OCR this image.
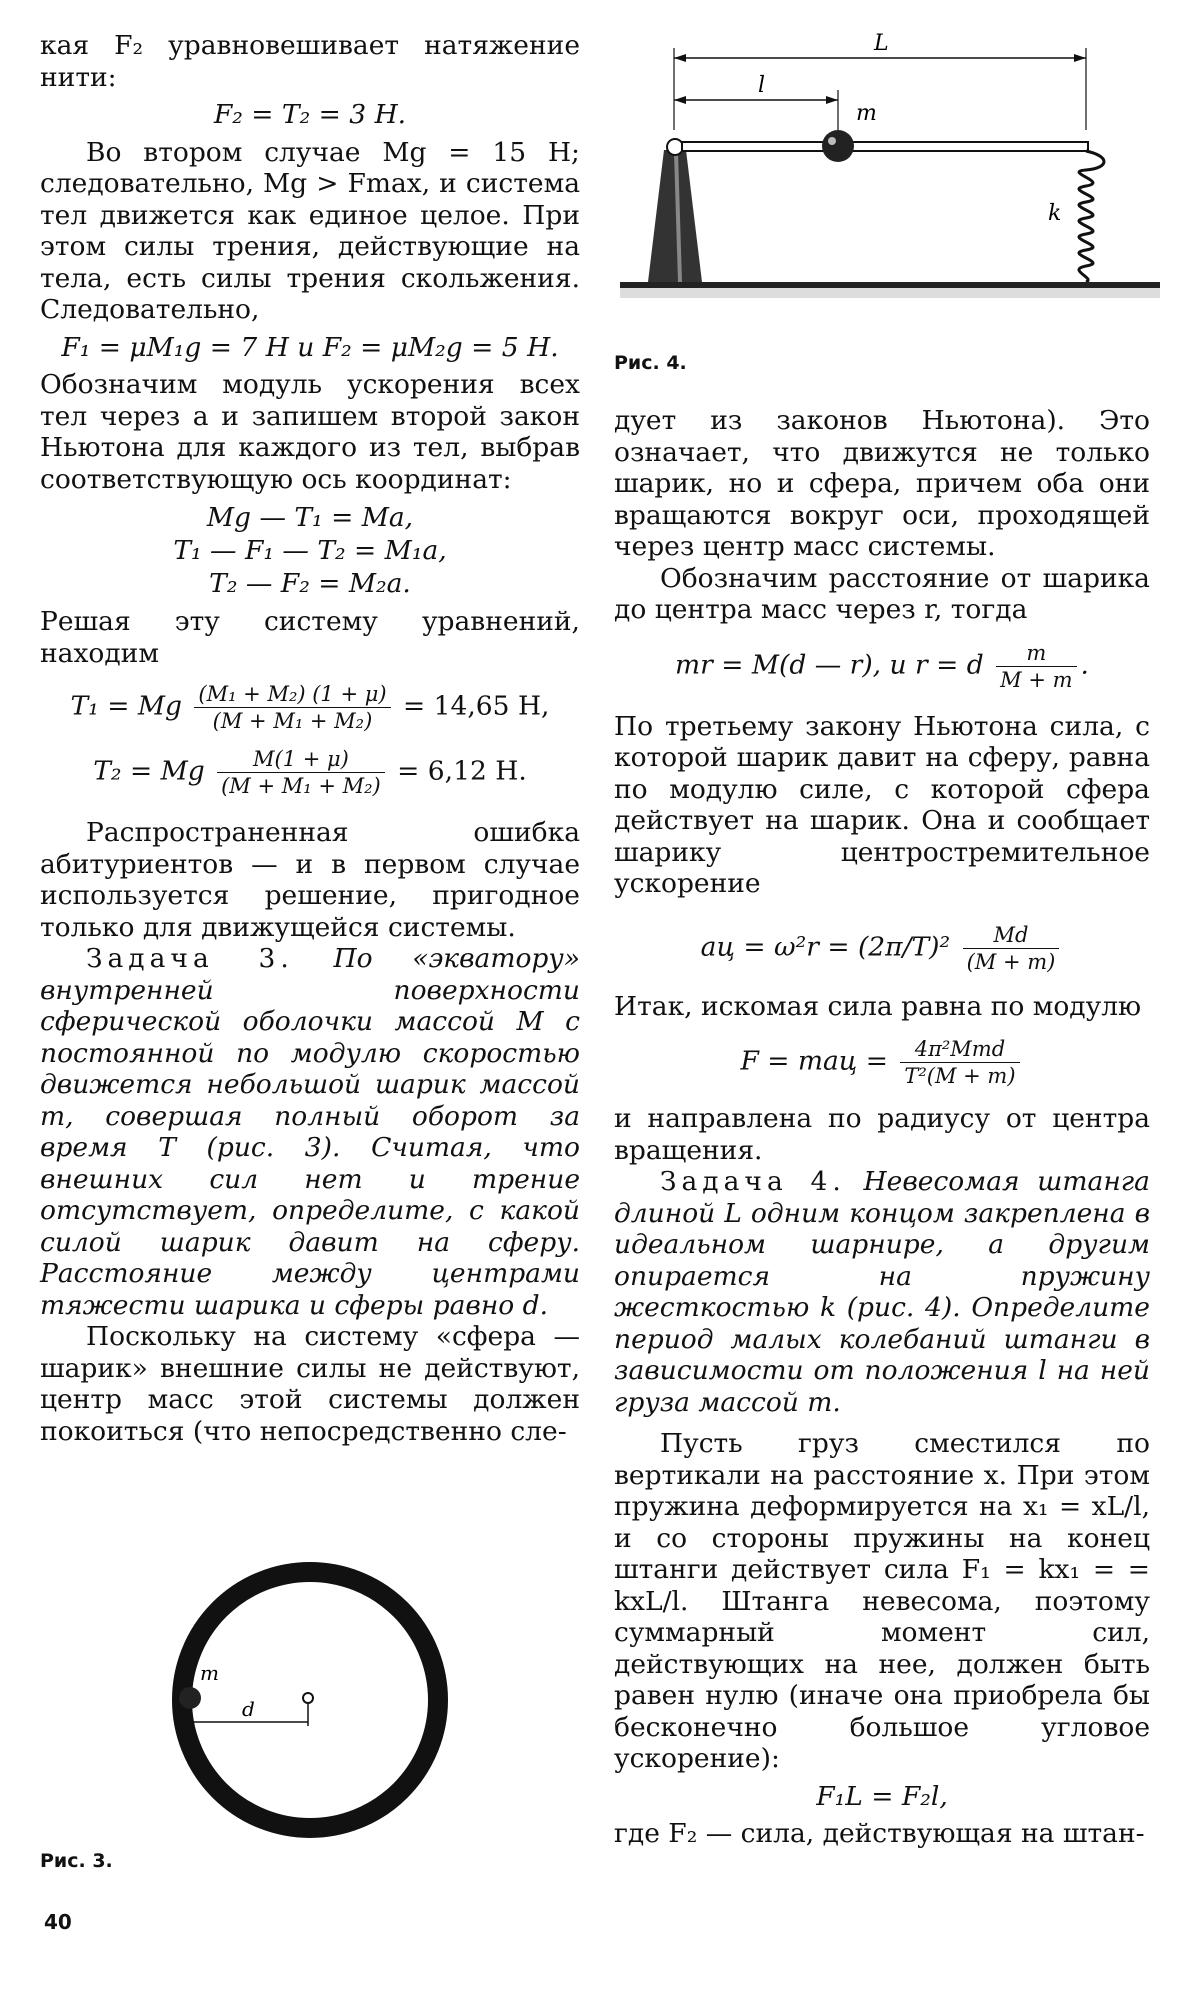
кая F₂ уравновешивает натяжение нити:

F₂ = T₂ = 3 Н.

Во втором случае Mg = 15 Н; следовательно, Mg > Fmax, и система тел движется как единое целое. При этом силы трения, действующие на тела, есть силы трения скольжения. Следовательно,

F₁ = μM₁g = 7 Н и F₂ = μM₂g = 5 Н.

Обозначим модуль ускорения всех тел через a и запишем второй закон Ньютона для каждого из тел, выбрав соответствующую ось координат:

Mg — T₁ = Ma,
T₁ — F₁ — T₂ = M₁a,
T₂ — F₂ = M₂a.

Решая эту систему уравнений, находим

T₁ = Mg $\frac{\text{(M₁ + M₂) (1 + μ)}}{\text{(M + M₁ + M₂)}} = 14,65$ Н,
T₂ = Mg $\frac{M(1 + \mu)}{\text{(M + M₁ + M₂)}} = 6,12$ Н.

Распространенная ошибка абитуриентов — и в первом случае используется решение, пригодное только для движущейся системы.

Задача 3. По «экватору» внутренней поверхности сферической оболочки массой M с постоянной по модулю скоростью движется небольшой шарик массой m, совершая полный оборот за время T (рис. 3). Считая, что внешних сил нет и трение отсутствует, определите, с какой силой шарик давит на сферу. Расстояние между центрами тяжести шарика и сферы равно d.

Поскольку на систему «сфера — шарик» внешние силы не действуют, центр масс этой системы должен покоиться (что непосредственно сле-

m
d
Рис. 3.
L
l
m
k
Рис. 4.

дует из законов Ньютона). Это означает, что движутся не только шарик, но и сфера, причем оба они вращаются вокруг оси, проходящей через центр масс системы.

Обозначим расстояние от шарика до центра масс через r, тогда

mr = M(d — r), и r = d $\frac{m}{M + m}$ .

По третьему закону Ньютона сила, с которой шарик давит на сферу, равна по модулю силе, с которой сфера действует на шарик. Она и сообщает шарику центростремительное ускорение

aц = $\omega^2r = (2\pi/T)^2 \frac{Md}{(M + m)}$

Итак, искомая сила равна по модулю

F = maц = $\frac{\text{4π²Mmd}}{\text{T²(M + m)}}$

и направлена по радиусу от центра вращения.

Задача 4. Невесомая штанга длиной L одним концом закреплена в идеальном шарнире, а другим опирается на пружину жесткостью k (рис. 4). Определите период малых колебаний штанги в зависимости от положения l на ней груза массой m.

Пусть груз сместился по вертикали на расстояние x. При этом пружина деформируется на x₁ = xL/l, и со стороны пружины на конец штанги действует сила F₁ = kx₁ = = kxL/l. Штанга невесома, поэтому суммарный момент сил, действующих на нее, должен быть равен нулю (иначе она приобрела бы бесконечно большое угловое ускорение):

F₁L = F₂l,

где F₂ — сила, действующая на штан-

40
